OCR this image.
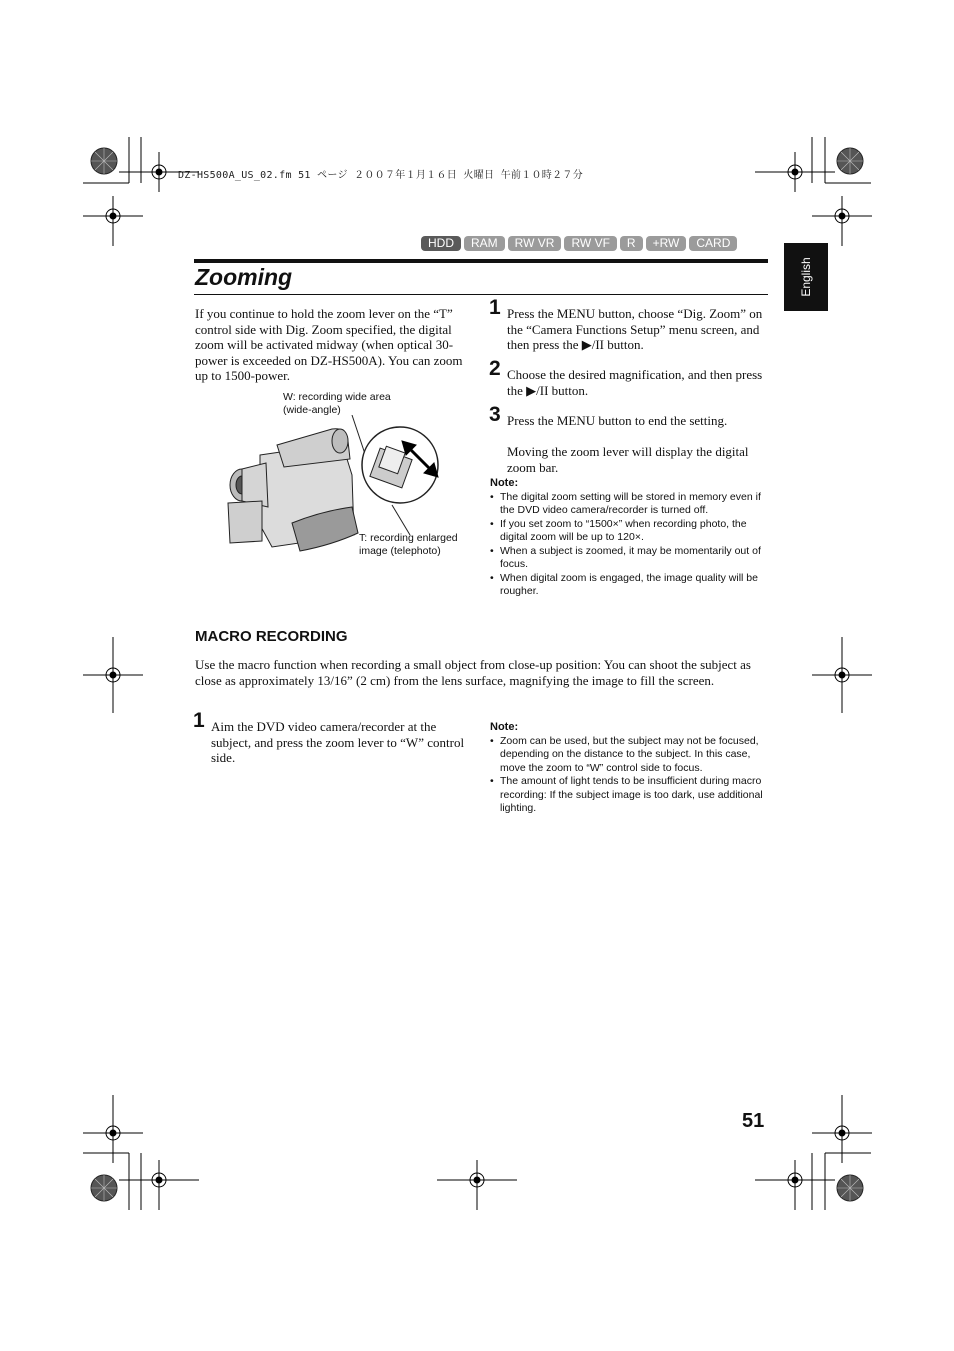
DZ-HS500A_US_02.fm 51 ページ ２００７年１月１６日 火曜日 午前１０時２７分
HDD	RAM	RW VR	RW VF	R	+RW	CARD
English
Zooming
If you continue to hold the zoom lever on the “T” control side with Dig. Zoom specified, the digital zoom will be activated midway (when optical 30-power is exceeded on DZ-HS500A). You can zoom up to 1500-power.
W: recording wide area (wide-angle)
T: recording enlarged image (telephoto)
1 Press the MENU button, choose “Dig. Zoom” on the “Camera Functions Setup” menu screen, and then press the ▶/II button.
2 Choose the desired magnification, and then press the ▶/II button.
3 Press the MENU button to end the setting.
Moving the zoom lever will display the digital zoom bar.
Note:
• The digital zoom setting will be stored in memory even if the DVD video camera/recorder is turned off.
• If you set zoom to “1500×” when recording photo, the digital zoom will be up to 120×.
• When a subject is zoomed, it may be momentarily out of focus.
• When digital zoom is engaged, the image quality will be rougher.
MACRO RECORDING
Use the macro function when recording a small object from close-up position: You can shoot the subject as close as approximately 13/16” (2 cm) from the lens surface, magnifying the image to fill the screen.
1 Aim the DVD video camera/recorder at the subject, and press the zoom lever to “W” control side.
Note:
• Zoom can be used, but the subject may not be focused, depending on the distance to the subject. In this case, move the zoom to “W” control side to focus.
• The amount of light tends to be insufficient during macro recording: If the subject image is too dark, use additional lighting.
51
